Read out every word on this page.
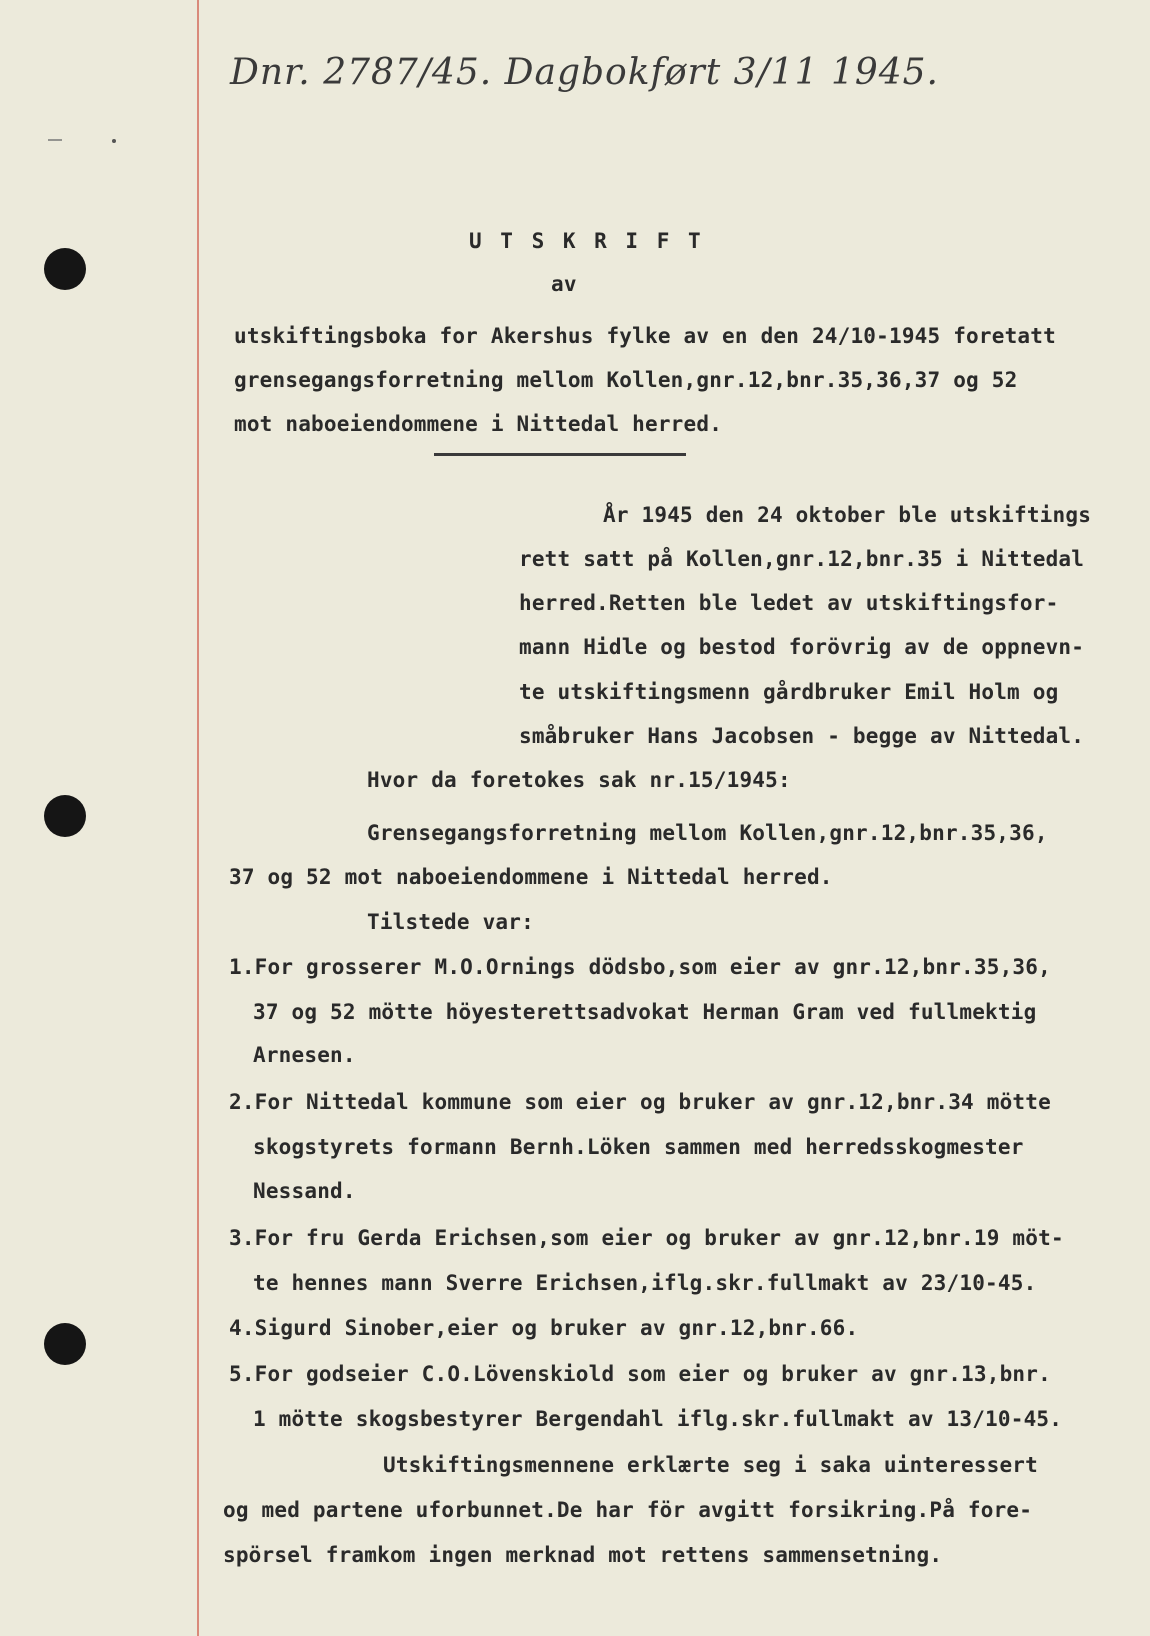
Dnr. 2787/45. Dagbokført 3/11 1945.
U T S K R I F T
av
utskiftingsboka for Akershus fylke av en den 24/10-1945 foretatt
grensegangsforretning mellom Kollen,gnr.12,bnr.35,36,37 og 52
mot naboeiendommene i Nittedal herred.
År 1945 den 24 oktober ble utskiftings
rett satt på Kollen,gnr.12,bnr.35 i Nittedal
herred.Retten ble ledet av utskiftingsfor-
mann Hidle og bestod forövrig av de oppnevn-
te utskiftingsmenn gårdbruker Emil Holm og
småbruker Hans Jacobsen - begge av Nittedal.
Hvor da foretokes sak nr.15/1945:
Grensegangsforretning mellom Kollen,gnr.12,bnr.35,36,
37 og 52 mot naboeiendommene i Nittedal herred.
Tilstede var:
1.For grosserer M.O.Ornings dödsbo,som eier av gnr.12,bnr.35,36,
37 og 52 mötte höyesterettsadvokat Herman Gram ved fullmektig
Arnesen.
2.For Nittedal kommune som eier og bruker av gnr.12,bnr.34 mötte
skogstyrets formann Bernh.Löken sammen med herredsskogmester
Nessand.
3.For fru Gerda Erichsen,som eier og bruker av gnr.12,bnr.19 möt-
te hennes mann Sverre Erichsen,iflg.skr.fullmakt av 23/10-45.
4.Sigurd Sinober,eier og bruker av gnr.12,bnr.66.
5.For godseier C.O.Lövenskiold som eier og bruker av gnr.13,bnr.
1 mötte skogsbestyrer Bergendahl iflg.skr.fullmakt av 13/10-45.
Utskiftingsmennene erklærte seg i saka uinteressert
og med partene uforbunnet.De har för avgitt forsikring.På fore-
spörsel framkom ingen merknad mot rettens sammensetning.
